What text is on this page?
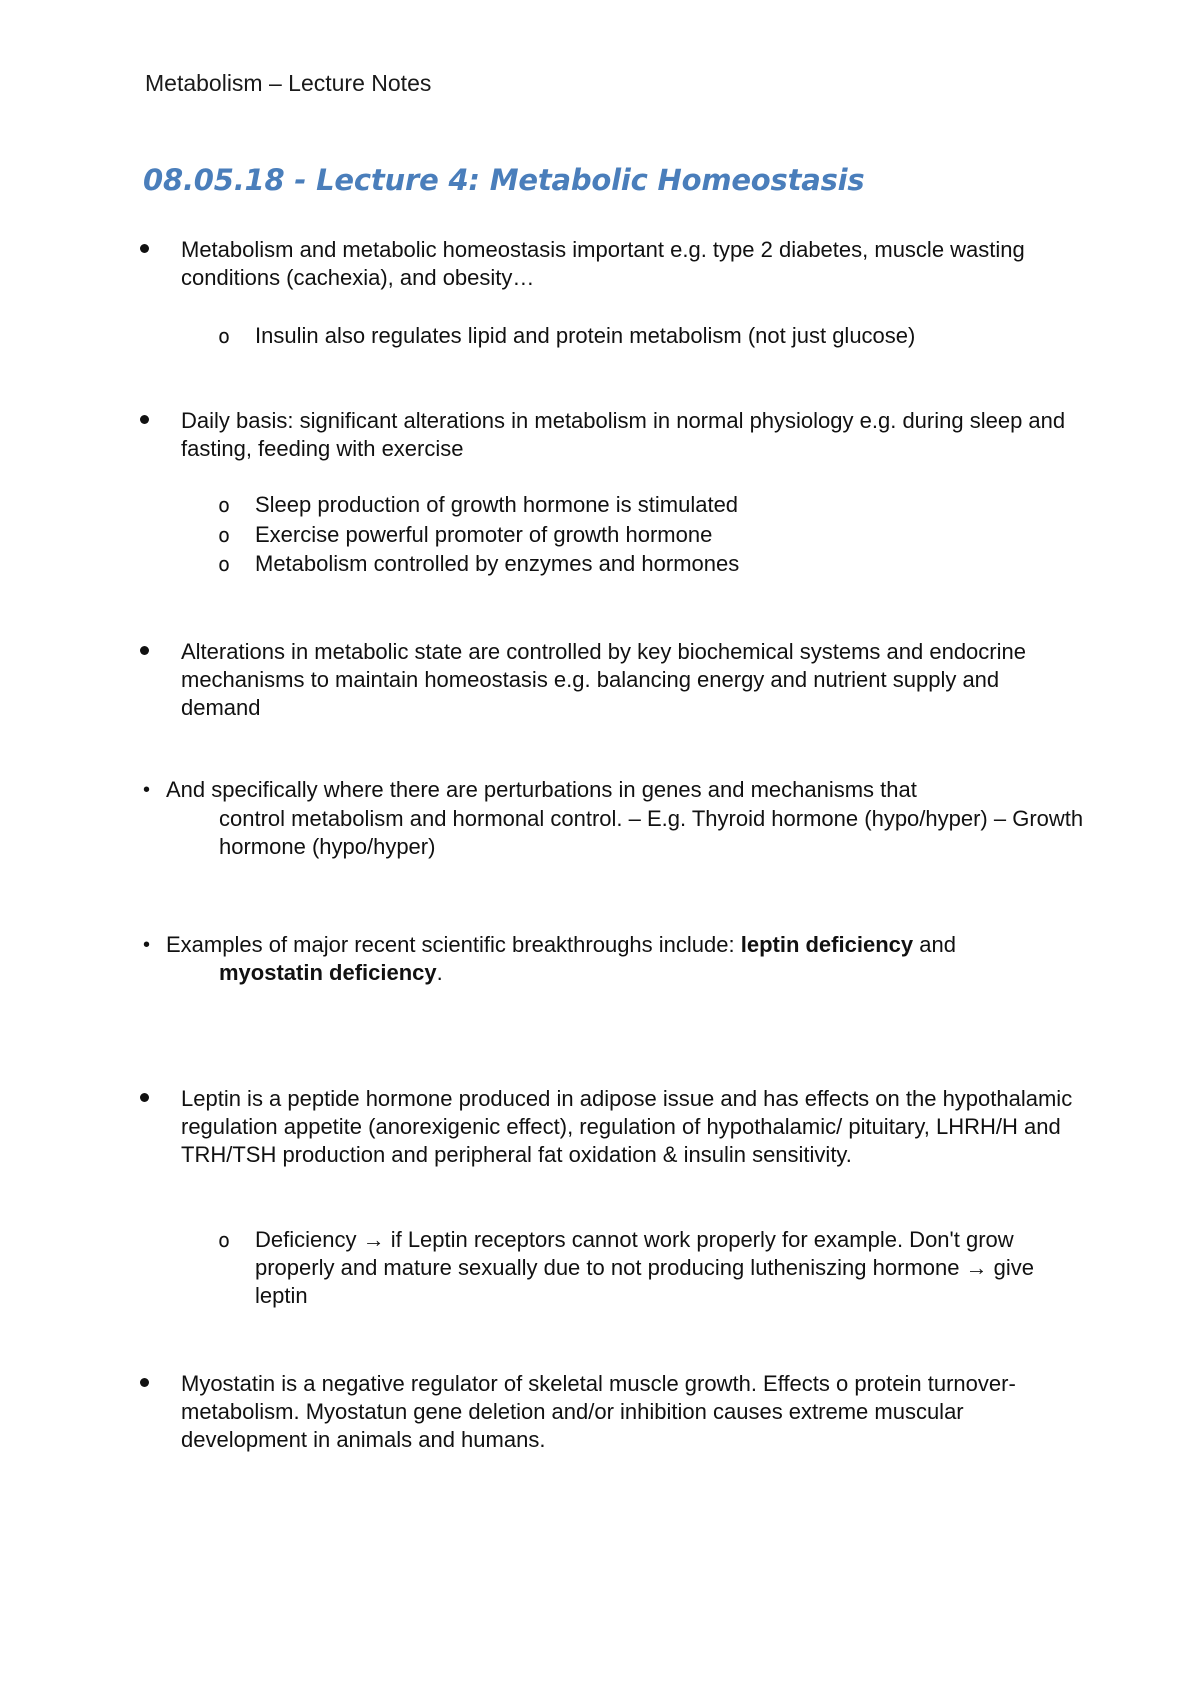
Metabolism – Lecture Notes
08.05.18 - Lecture 4: Metabolic Homeostasis
Metabolism and metabolic homeostasis important e.g. type 2 diabetes, muscle wasting conditions (cachexia), and obesity…
o Insulin also regulates lipid and protein metabolism (not just glucose)
Daily basis: significant alterations in metabolism in normal physiology e.g. during sleep and fasting, feeding with exercise
o Sleep production of growth hormone is stimulated
o Exercise powerful promoter of growth hormone
o Metabolism controlled by enzymes and hormones
Alterations in metabolic state are controlled by key biochemical systems and endocrine mechanisms to maintain homeostasis e.g. balancing energy and nutrient supply and demand
• And specifically where there are perturbations in genes and mechanisms that
control metabolism and hormonal control. – E.g. Thyroid hormone (hypo/hyper) – Growth hormone (hypo/hyper)
• Examples of major recent scientific breakthroughs include: leptin deficiency and
myostatin deficiency.
Leptin is a peptide hormone produced in adipose issue and has effects on the hypothalamic regulation appetite (anorexigenic effect), regulation of hypothalamic/ pituitary, LHRH/H and TRH/TSH production and peripheral fat oxidation & insulin sensitivity.
o Deficiency → if Leptin receptors cannot work properly for example. Don't grow properly and mature sexually due to not producing lutheniszing hormone → give leptin
Myostatin is a negative regulator of skeletal muscle growth. Effects o protein turnover-metabolism. Myostatun gene deletion and/or inhibition causes extreme muscular development in animals and humans.
